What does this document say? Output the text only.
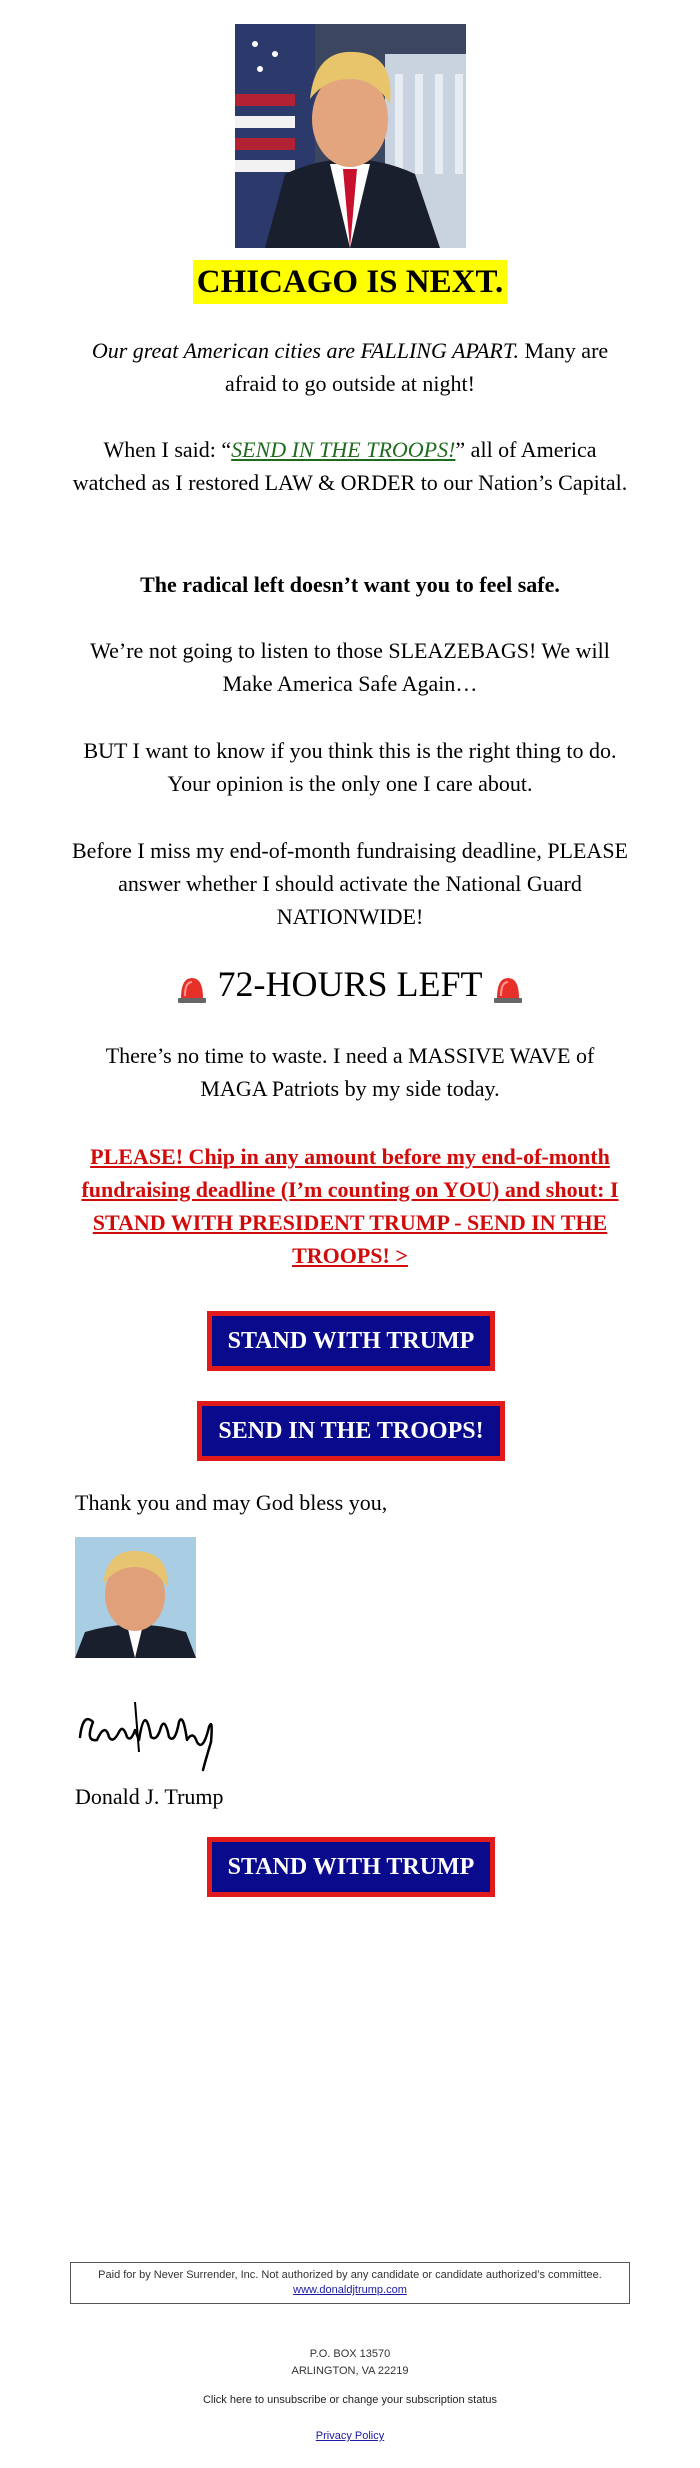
CHICAGO IS NEXT.
Our great American cities are FALLING APART. Many are afraid to go outside at night!
When I said: “SEND IN THE TROOPS!” all of America watched as I restored LAW & ORDER to our Nation’s Capital.
The radical left doesn’t want you to feel safe.
We’re not going to listen to those SLEAZEBAGS! We will Make America Safe Again…
BUT I want to know if you think this is the right thing to do. Your opinion is the only one I care about.
Before I miss my end-of-month fundraising deadline, PLEASE answer whether I should activate the National Guard NATIONWIDE!
72-HOURS LEFT
There’s no time to waste. I need a MASSIVE WAVE of MAGA Patriots by my side today.
PLEASE! Chip in any amount before my end-of-month fundraising deadline (I’m counting on YOU) and shout: I STAND WITH PRESIDENT TRUMP - SEND IN THE TROOPS! >
STAND WITH TRUMP
SEND IN THE TROOPS!
Thank you and may God bless you,
Donald J. Trump
STAND WITH TRUMP
Paid for by Never Surrender, Inc. Not authorized by any candidate or candidate authorized’s committee.
www.donaldjtrump.com
P.O. BOX 13570
ARLINGTON, VA 22219
Click here to unsubscribe or change your subscription status
Privacy Policy
